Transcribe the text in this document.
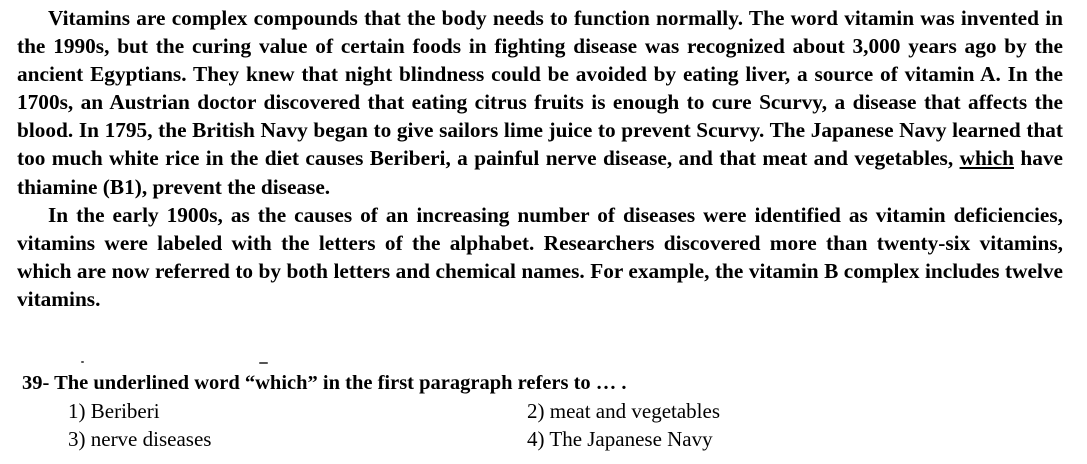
Vitamins are complex compounds that the body needs to function normally. The word vitamin was invented in the 1990s, but the curing value of certain foods in fighting disease was recognized about 3,000 years ago by the ancient Egyptians. They knew that night blindness could be avoided by eating liver, a source of vitamin A. In the 1700s, an Austrian doctor discovered that eating citrus fruits is enough to cure Scurvy, a disease that affects the blood. In 1795, the British Navy began to give sailors lime juice to prevent Scurvy. The Japanese Navy learned that too much white rice in the diet causes Beriberi, a painful nerve disease, and that meat and vegetables, which have thiamine (B1), prevent the disease.

In the early 1900s, as the causes of an increasing number of diseases were identified as vitamin deficiencies, vitamins were labeled with the letters of the alphabet. Researchers discovered more than twenty-six vitamins, which are now referred to by both letters and chemical names. For example, the vitamin B complex includes twelve vitamins.

39- The underlined word “which” in the first paragraph refers to … .
1) Beriberi	2) meat and vegetables
3) nerve diseases	4) The Japanese Navy
